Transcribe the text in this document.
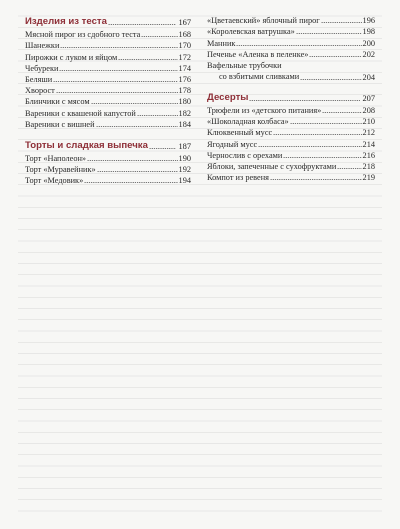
Изделия из теста	167
Мясной пирог из сдобного теста	168
Шанежки	170
Пирожки с луком и яйцом	172
Чебуреки	174
Беляши	176
Хворост	178
Блинчики с мясом	180
Вареники с квашеной капустой	182
Вареники с вишней	184
Торты и сладкая выпечка	187
Торт «Наполеон»	190
Торт «Муравейник»	192
Торт «Медовик»	194
«Цветаевский» яблочный пирог	196
«Королевская ватрушка»	198
Манник	200
Печенье «Аленка в пеленке»	202
Вафельные трубочки
со взбитыми сливками	204
Десерты	207
Трюфели из «детского питания»	208
«Шоколадная колбаса»	210
Клюквенный мусс	212
Ягодный мусс	214
Чернослив с орехами	216
Яблоки, запеченные с сухофруктами	218
Компот из ревеня	219
